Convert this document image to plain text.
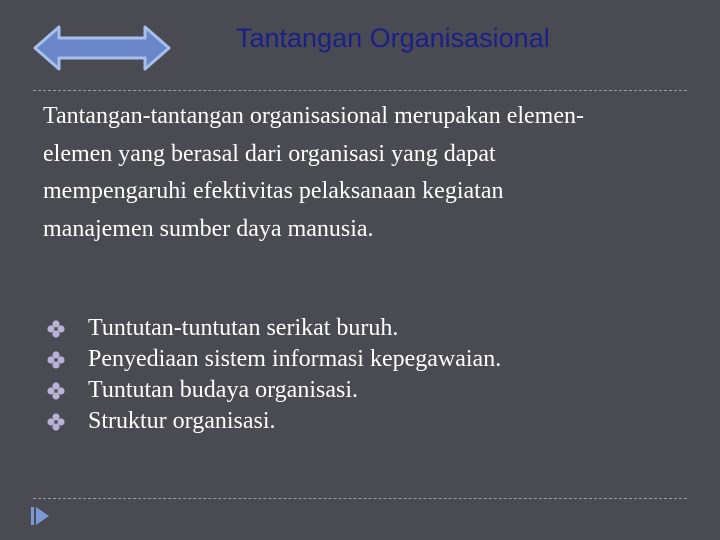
Tantangan Organisasional

Tantangan-tantangan organisasional merupakan elemen-elemen yang berasal dari organisasi yang dapat mempengaruhi efektivitas pelaksanaan kegiatan manajemen sumber daya manusia.

Tuntutan-tuntutan serikat buruh.
Penyediaan sistem informasi kepegawaian.
Tuntutan budaya organisasi.
Struktur organisasi.
